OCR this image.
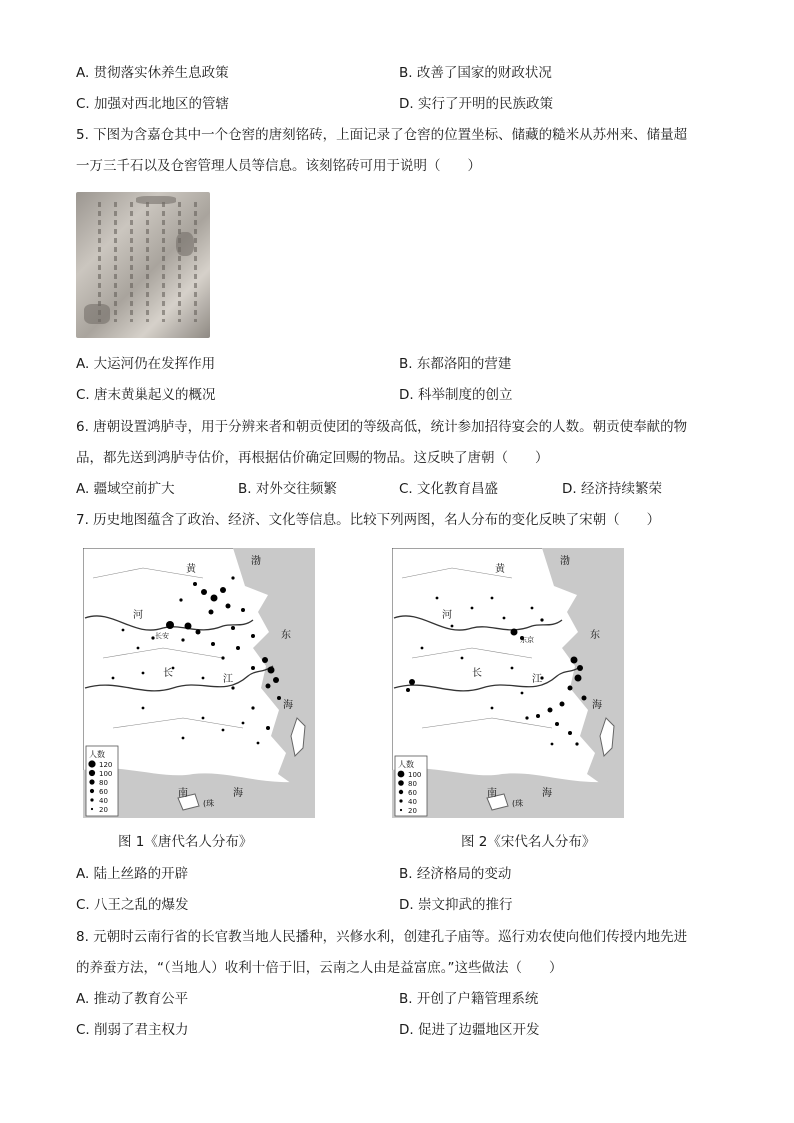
A. 贯彻落实休养生息政策	B. 改善了国家的财政状况
C. 加强对西北地区的管辖	D. 实行了开明的民族政策
5. 下图为含嘉仓其中一个仓窖的唐刻铭砖，上面记录了仓窖的位置坐标、储藏的糙米从苏州来、储量超
一万三千石以及仓窖管理人员等信息。该刻铭砖可用于说明（　　）
A. 大运河仍在发挥作用	B. 东都洛阳的营建
C. 唐末黄巢起义的概况	D. 科举制度的创立
6. 唐朝设置鸿胪寺，用于分辨来者和朝贡使团的等级高低，统计参加招待宴会的人数。朝贡使奉献的物
品，都先送到鸿胪寺估价，再根据估价确定回赐的物品。这反映了唐朝（　　）
A. 疆域空前扩大	B. 对外交往频繁	C. 文化教育昌盛	D. 经济持续繁荣
7. 历史地图蕴含了政治、经济、文化等信息。比较下列两图，名人分布的变化反映了宋朝（　　）
渤
黄
河
东
长
江
海
南	海
(珠
长安
人数
120
100
80
60
40
20
渤
黄
河
东
长
江
海
南	海
(珠
东京
人数
100
80
60
40
20
图 1《唐代名人分布》	图 2《宋代名人分布》
A. 陆上丝路的开辟	B. 经济格局的变动
C. 八王之乱的爆发	D. 崇文抑武的推行
8. 元朝时云南行省的长官教当地人民播种，兴修水利，创建孔子庙等。巡行劝农使向他们传授内地先进
的养蚕方法，“（当地人）收利十倍于旧，云南之人由是益富庶。”这些做法（　　）
A. 推动了教育公平	B. 开创了户籍管理系统
C. 削弱了君主权力	D. 促进了边疆地区开发
